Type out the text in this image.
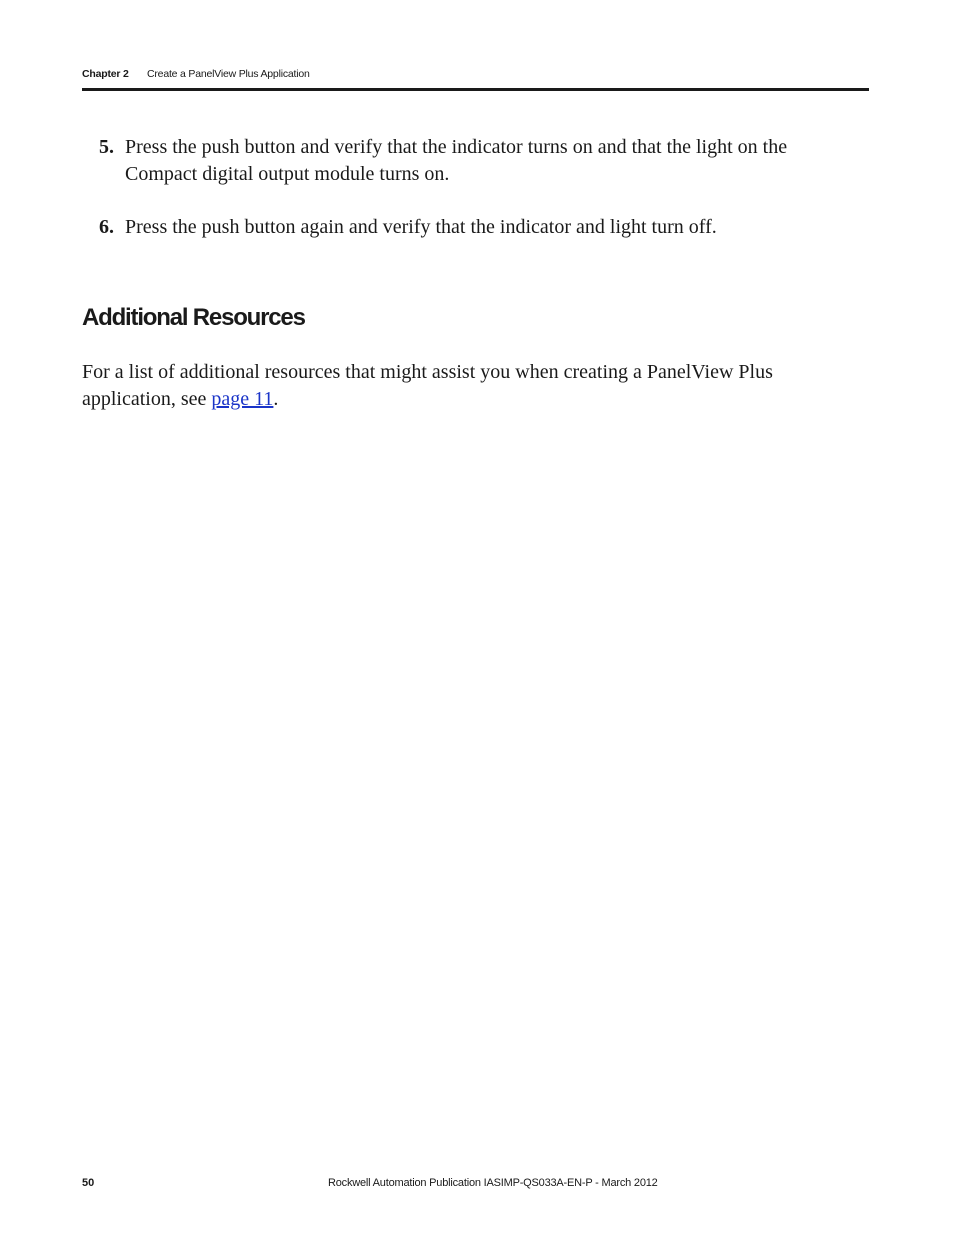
Chapter 2 Create a PanelView Plus Application
5. Press the push button and verify that the indicator turns on and that the light on the Compact digital output module turns on.
6. Press the push button again and verify that the indicator and light turn off.
Additional Resources
For a list of additional resources that might assist you when creating a PanelView Plus application, see page 11.
50	Rockwell Automation Publication IASIMP-QS033A-EN-P - March 2012
